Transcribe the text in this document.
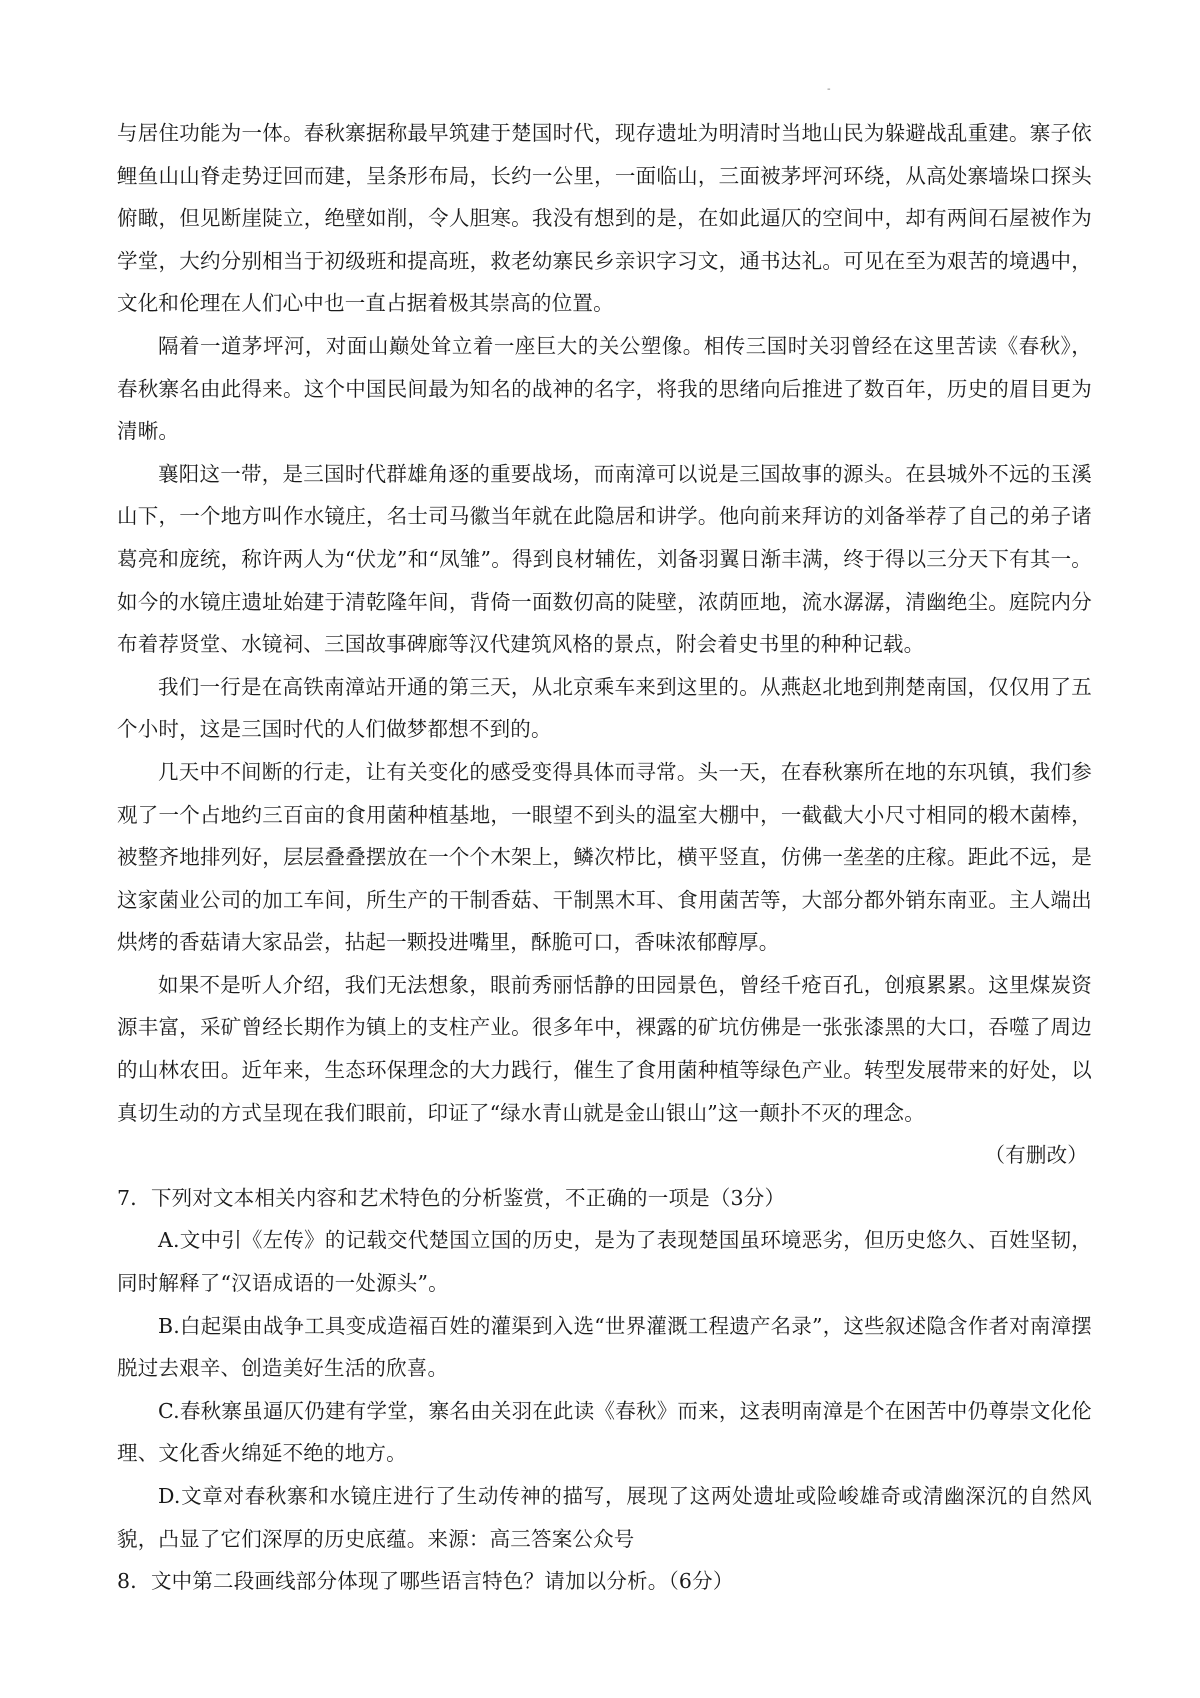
-

与居住功能为一体。春秋寨据称最早筑建于楚国时代，现存遗址为明清时当地山民为躲避战乱重建。寨子依鲤鱼山山脊走势迂回而建，呈条形布局，长约一公里，一面临山，三面被茅坪河环绕，从高处寨墙垛口探头俯瞰，但见断崖陡立，绝壁如削，令人胆寒。我没有想到的是，在如此逼仄的空间中，却有两间石屋被作为学堂，大约分别相当于初级班和提高班，救老幼寨民乡亲识字习文，通书达礼。可见在至为艰苦的境遇中，文化和伦理在人们心中也一直占据着极其崇高的位置。

隔着一道茅坪河，对面山巅处耸立着一座巨大的关公塑像。相传三国时关羽曾经在这里苦读《春秋》，春秋寨名由此得来。这个中国民间最为知名的战神的名字，将我的思绪向后推进了数百年，历史的眉目更为清晰。

襄阳这一带，是三国时代群雄角逐的重要战场，而南漳可以说是三国故事的源头。在县城外不远的玉溪山下，一个地方叫作水镜庄，名士司马徽当年就在此隐居和讲学。他向前来拜访的刘备举荐了自己的弟子诸葛亮和庞统，称许两人为“伏龙”和“凤雏”。得到良材辅佐，刘备羽翼日渐丰满，终于得以三分天下有其一。如今的水镜庄遗址始建于清乾隆年间，背倚一面数仞高的陡壁，浓荫匝地，流水潺潺，清幽绝尘。庭院内分布着荐贤堂、水镜祠、三国故事碑廊等汉代建筑风格的景点，附会着史书里的种种记载。

我们一行是在高铁南漳站开通的第三天，从北京乘车来到这里的。从燕赵北地到荆楚南国，仅仅用了五个小时，这是三国时代的人们做梦都想不到的。

几天中不间断的行走，让有关变化的感受变得具体而寻常。头一天，在春秋寨所在地的东巩镇，我们参观了一个占地约三百亩的食用菌种植基地，一眼望不到头的温室大棚中，一截截大小尺寸相同的椴木菌棒，被整齐地排列好，层层叠叠摆放在一个个木架上，鳞次栉比，横平竖直，仿佛一垄垄的庄稼。距此不远，是这家菌业公司的加工车间，所生产的干制香菇、干制黑木耳、食用菌苦等，大部分都外销东南亚。主人端出烘烤的香菇请大家品尝，拈起一颗投进嘴里，酥脆可口，香味浓郁醇厚。

如果不是听人介绍，我们无法想象，眼前秀丽恬静的田园景色，曾经千疮百孔，创痕累累。这里煤炭资源丰富，采矿曾经长期作为镇上的支柱产业。很多年中，裸露的矿坑仿佛是一张张漆黑的大口，吞噬了周边的山林农田。近年来，生态环保理念的大力践行，催生了食用菌种植等绿色产业。转型发展带来的好处，以真切生动的方式呈现在我们眼前，印证了“绿水青山就是金山银山”这一颠扑不灭的理念。

（有删改）

7．下列对文本相关内容和艺术特色的分析鉴赏，不正确的一项是（3分）

A.文中引《左传》的记载交代楚国立国的历史，是为了表现楚国虽环境恶劣，但历史悠久、百姓坚韧，同时解释了“汉语成语的一处源头”。

B.白起渠由战争工具变成造福百姓的灌渠到入选“世界灌溉工程遗产名录”，这些叙述隐含作者对南漳摆脱过去艰辛、创造美好生活的欣喜。

C.春秋寨虽逼仄仍建有学堂，寨名由关羽在此读《春秋》而来，这表明南漳是个在困苦中仍尊崇文化伦理、文化香火绵延不绝的地方。

D.文章对春秋寨和水镜庄进行了生动传神的描写，展现了这两处遗址或险峻雄奇或清幽深沉的自然风貌，凸显了它们深厚的历史底蕴。来源：高三答案公众号

8．文中第二段画线部分体现了哪些语言特色？请加以分析。（6分）
